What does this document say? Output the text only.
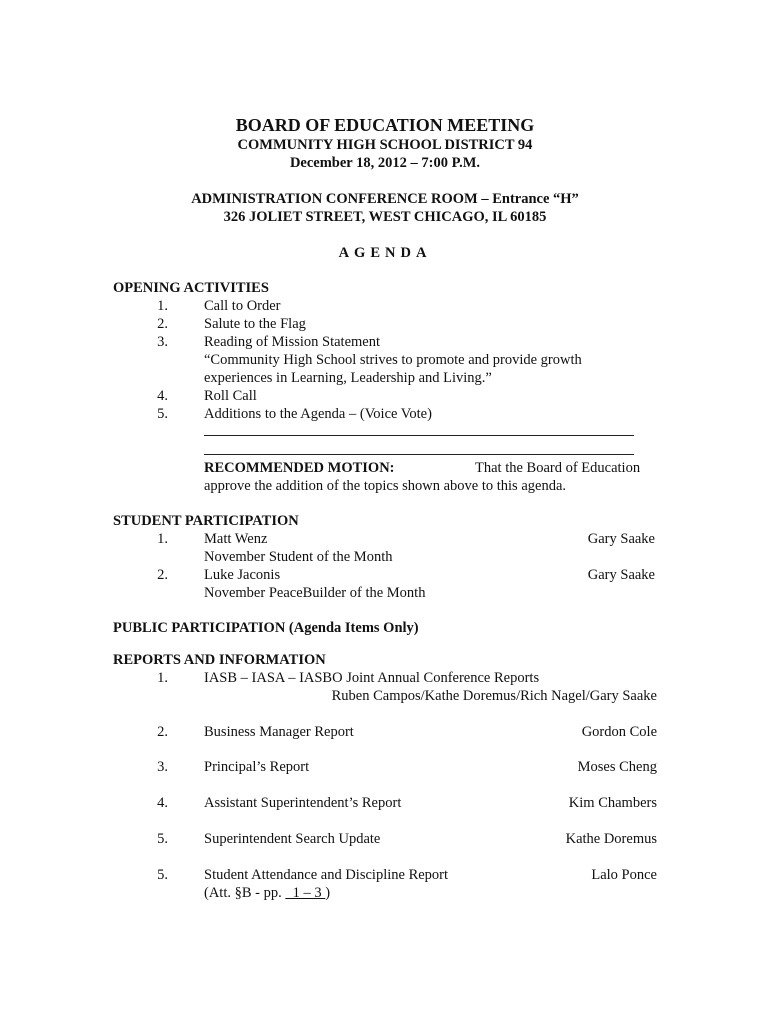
BOARD OF EDUCATION MEETING
COMMUNITY HIGH SCHOOL DISTRICT 94
December 18, 2012 – 7:00 P.M.
ADMINISTRATION CONFERENCE ROOM – Entrance “H”
326 JOLIET STREET, WEST CHICAGO, IL 60185
AGENDA
OPENING ACTIVITIES
1. Call to Order
2. Salute to the Flag
3. Reading of Mission Statement
“Community High School strives to promote and provide growth
experiences in Learning, Leadership and Living.”
4. Roll Call
5. Additions to the Agenda – (Voice Vote)
RECOMMENDED MOTION:	That the Board of Education
approve the addition of the topics shown above to this agenda.
STUDENT PARTICIPATION
1. Matt Wenz	Gary Saake
November Student of the Month
2. Luke Jaconis	Gary Saake
November PeaceBuilder of the Month
PUBLIC PARTICIPATION (Agenda Items Only)
REPORTS AND INFORMATION
1. IASB – IASA – IASBO Joint Annual Conference Reports
Ruben Campos/Kathe Doremus/Rich Nagel/Gary Saake
2. Business Manager Report	Gordon Cole
3. Principal’s Report	Moses Cheng
4. Assistant Superintendent’s Report	Kim Chambers
5. Superintendent Search Update	Kathe Doremus
5. Student Attendance and Discipline Report	Lalo Ponce
(Att. §B - pp.   1 – 3 )
